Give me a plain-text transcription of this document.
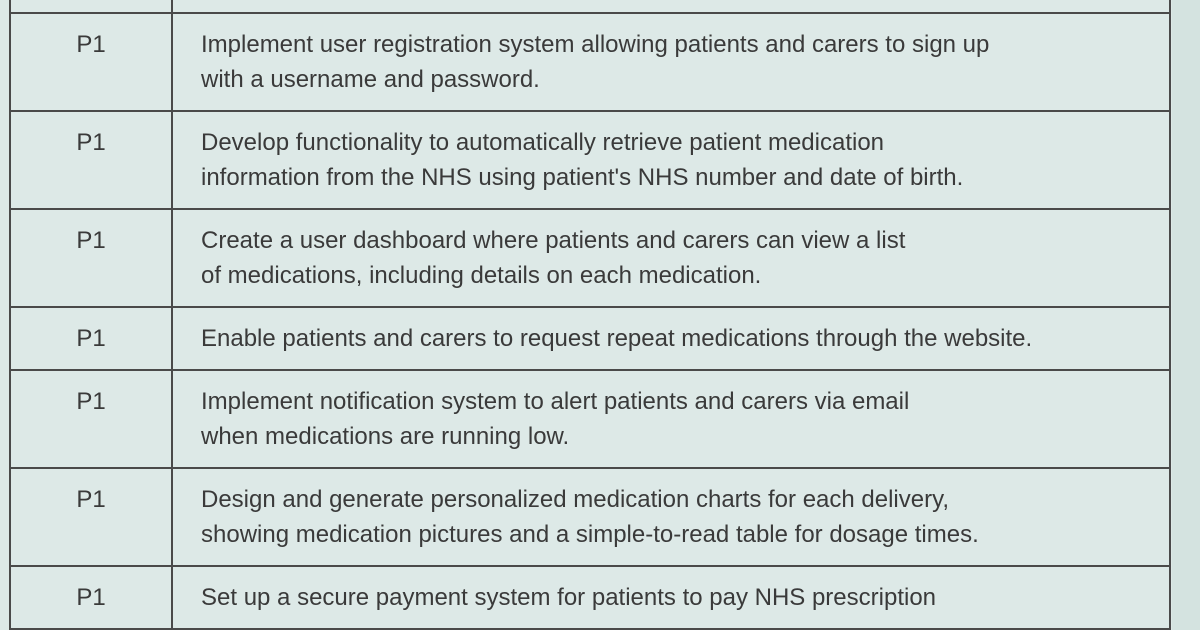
P1	Implement user registration system allowing patients and carers to sign up
with a username and password.

P1	Develop functionality to automatically retrieve patient medication
information from the NHS using patient's NHS number and date of birth.

P1	Create a user dashboard where patients and carers can view a list
of medications, including details on each medication.

P1	Enable patients and carers to request repeat medications through the website.

P1	Implement notification system to alert patients and carers via email
when medications are running low.

P1	Design and generate personalized medication charts for each delivery,
showing medication pictures and a simple-to-read table for dosage times.

P1	Set up a secure payment system for patients to pay NHS prescription
